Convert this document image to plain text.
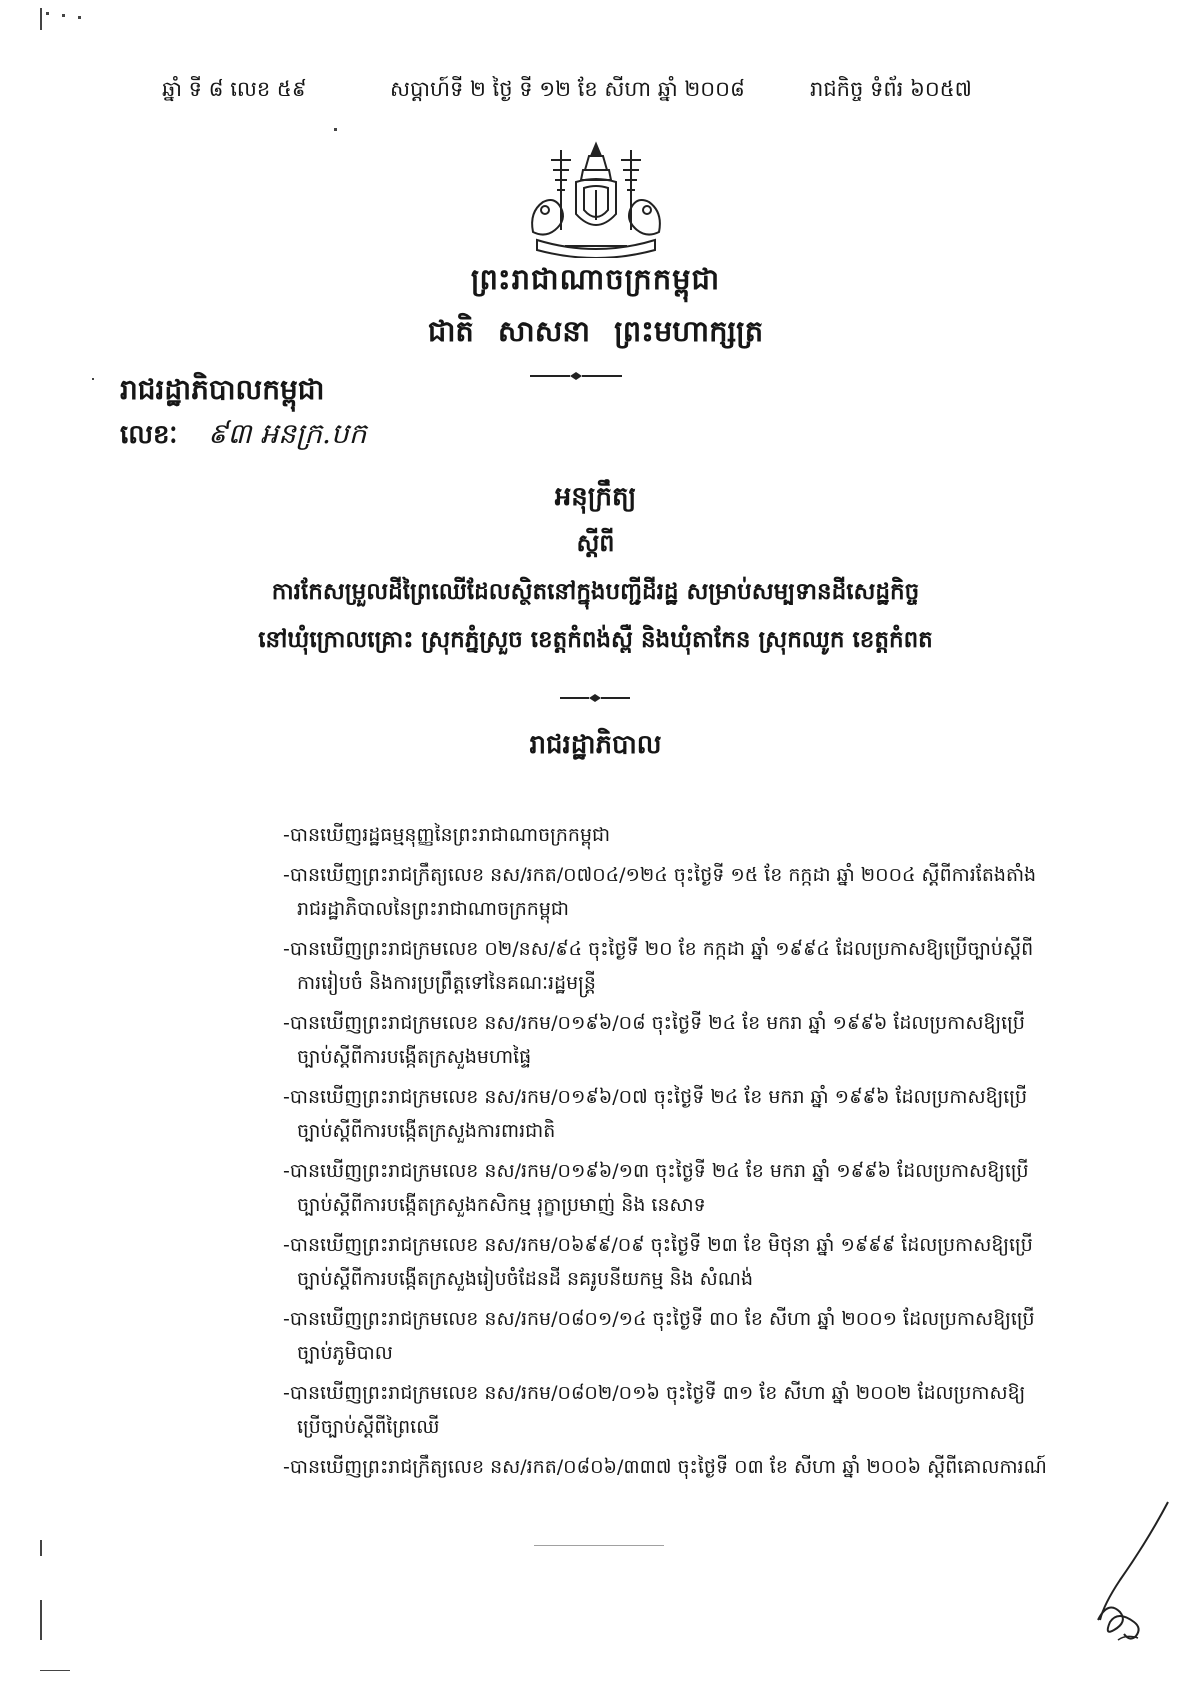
ឆ្នាំ ទី ៨ លេខ ៥៩	សប្តាហ៍ទី ២ ថ្ងៃ ទី ១២ ខែ សីហា ឆ្នាំ ២០០៨	រាជកិច្ច ទំព័រ ៦០៥៧
ព្រះរាជាណាចក្រកម្ពុជា
ជាតិ សាសនា ព្រះមហាក្សត្រ
រាជរដ្ឋាភិបាលកម្ពុជា
លេខៈ ៩៣ អនក្រ.បក
អនុក្រឹត្យ
ស្តីពី
ការកែសម្រួលដីព្រៃឈើដែលស្ថិតនៅក្នុងបញ្ជីដីរដ្ឋ សម្រាប់សម្បទានដីសេដ្ឋកិច្ច
នៅឃុំក្រោលគ្រោះ ស្រុកភ្នំស្រួច ខេត្តកំពង់ស្ពឺ និងឃុំតាកែន ស្រុកឈូក ខេត្តកំពត
រាជរដ្ឋាភិបាល
-បានឃើញរដ្ឋធម្មនុញ្ញនៃព្រះរាជាណាចក្រកម្ពុជា
-បានឃើញព្រះរាជក្រឹត្យលេខ នស/រកត/០៧០៤/១២៤ ចុះថ្ងៃទី ១៥ ខែ កក្កដា ឆ្នាំ ២០០៤ ស្តីពីការតែងតាំង
រាជរដ្ឋាភិបាលនៃព្រះរាជាណាចក្រកម្ពុជា
-បានឃើញព្រះរាជក្រមលេខ ០២/នស/៩៤ ចុះថ្ងៃទី ២០ ខែ កក្កដា ឆ្នាំ ១៩៩៤ ដែលប្រកាសឱ្យប្រើច្បាប់ស្តីពី
ការរៀបចំ និងការប្រព្រឹត្តទៅនៃគណៈរដ្ឋមន្ត្រី
-បានឃើញព្រះរាជក្រមលេខ នស/រកម/០១៩៦/០៨ ចុះថ្ងៃទី ២៤ ខែ មករា ឆ្នាំ ១៩៩៦ ដែលប្រកាសឱ្យប្រើ
ច្បាប់ស្តីពីការបង្កើតក្រសួងមហាផ្ទៃ
-បានឃើញព្រះរាជក្រមលេខ នស/រកម/០១៩៦/០៧ ចុះថ្ងៃទី ២៤ ខែ មករា ឆ្នាំ ១៩៩៦ ដែលប្រកាសឱ្យប្រើ
ច្បាប់ស្តីពីការបង្កើតក្រសួងការពារជាតិ
-បានឃើញព្រះរាជក្រមលេខ នស/រកម/០១៩៦/១៣ ចុះថ្ងៃទី ២៤ ខែ មករា ឆ្នាំ ១៩៩៦ ដែលប្រកាសឱ្យប្រើ
ច្បាប់ស្តីពីការបង្កើតក្រសួងកសិកម្ម រុក្ខាប្រមាញ់ និង នេសាទ
-បានឃើញព្រះរាជក្រមលេខ នស/រកម/០៦៩៩/០៩ ចុះថ្ងៃទី ២៣ ខែ មិថុនា ឆ្នាំ ១៩៩៩ ដែលប្រកាសឱ្យប្រើ
ច្បាប់ស្តីពីការបង្កើតក្រសួងរៀបចំដែនដី នគរូបនីយកម្ម និង សំណង់
-បានឃើញព្រះរាជក្រមលេខ នស/រកម/០៨០១/១៤ ចុះថ្ងៃទី ៣០ ខែ សីហា ឆ្នាំ ២០០១ ដែលប្រកាសឱ្យប្រើ
ច្បាប់ភូមិបាល
-បានឃើញព្រះរាជក្រមលេខ នស/រកម/០៨០២/០១៦ ចុះថ្ងៃទី ៣១ ខែ សីហា ឆ្នាំ ២០០២ ដែលប្រកាសឱ្យ
ប្រើច្បាប់ស្តីពីព្រៃឈើ
-បានឃើញព្រះរាជក្រឹត្យលេខ នស/រកត/០៨០៦/៣៣៧ ចុះថ្ងៃទី ០៣ ខែ សីហា ឆ្នាំ ២០០៦ ស្តីពីគោលការណ៍
